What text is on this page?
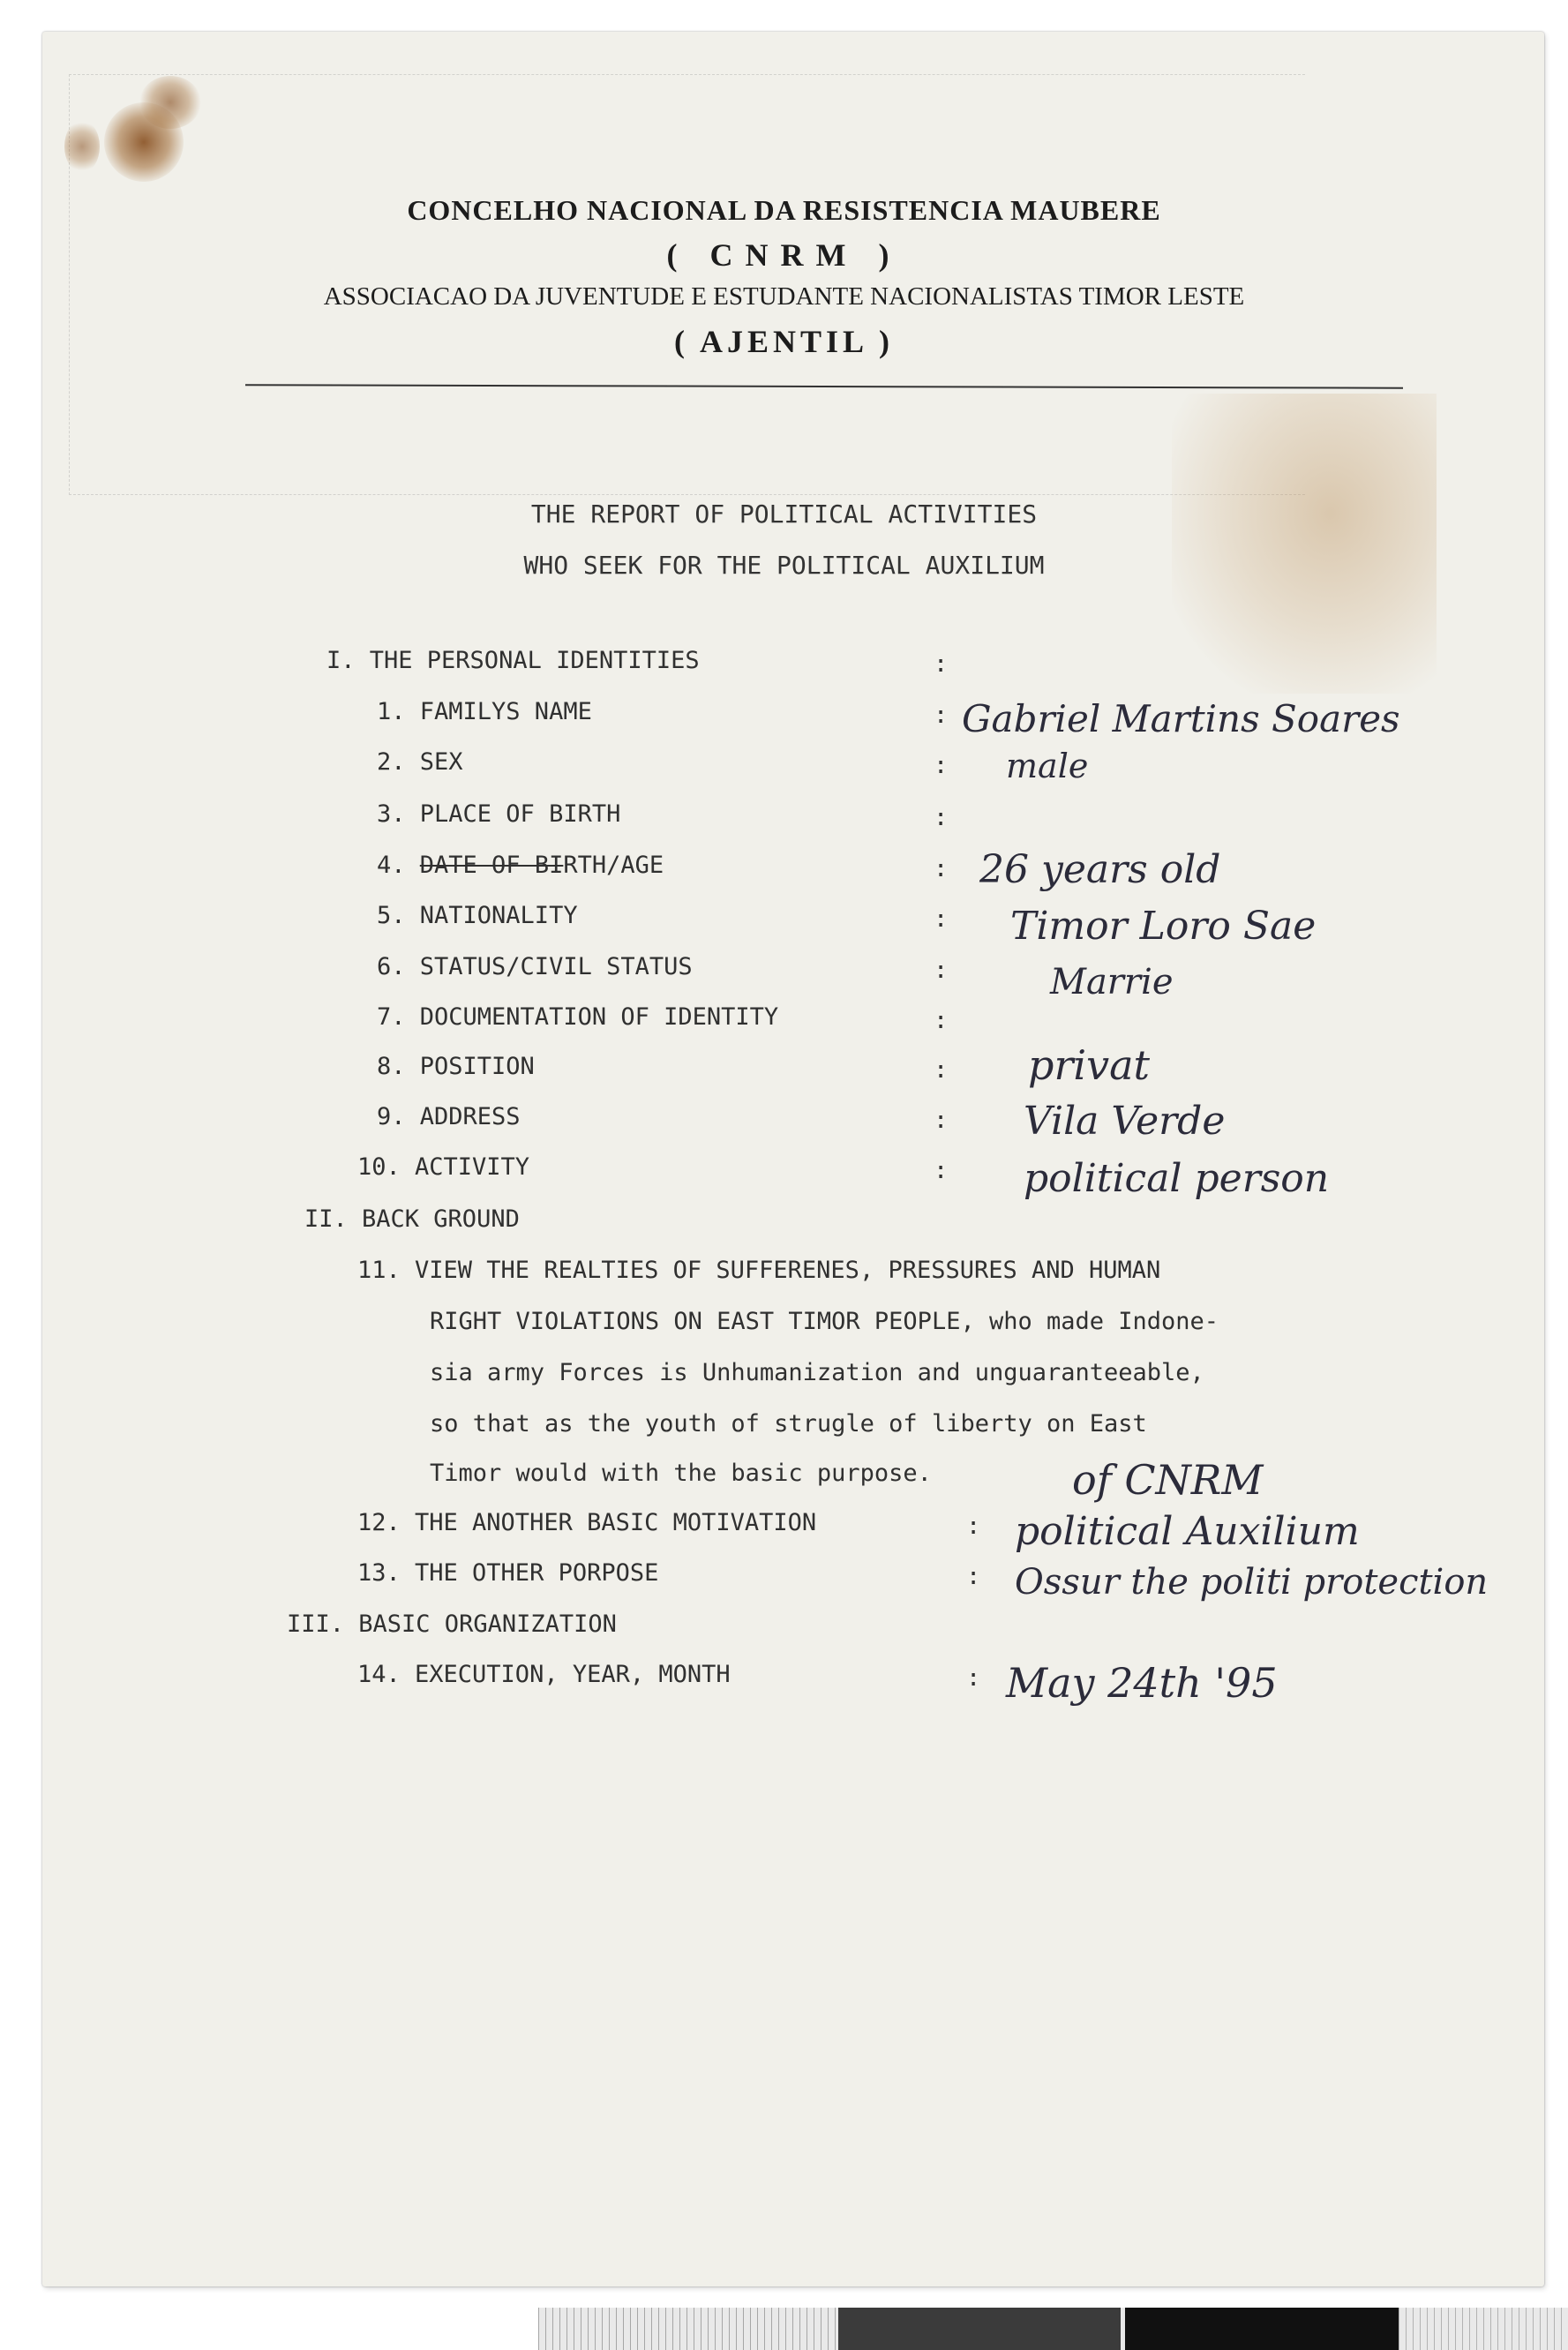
CONCELHO NACIONAL DA RESISTENCIA MAUBERE
( CNRM )
ASSOCIACAO DA JUVENTUDE E ESTUDANTE NACIONALISTAS TIMOR LESTE
( AJENTIL )
THE REPORT OF POLITICAL ACTIVITIES
WHO SEEK FOR THE POLITICAL AUXILIUM
I. THE PERSONAL IDENTITIES	:
1. FAMILYS NAME	: Gabriel Martins Soares
2. SEX	: male
3. PLACE OF BIRTH	:
4. DATE OF BIRTH/AGE	: 26 years old
5. NATIONALITY	: Timor Loro Sae
6. STATUS/CIVIL STATUS	:	Marrie
7. DOCUMENTATION OF IDENTITY	:
8. POSITION	: privat
9. ADDRESS	: Vila Verde
10. ACTIVITY	: political person
II. BACK GROUND
11. VIEW THE REALTIES OF SUFFERENES, PRESSURES AND HUMAN
RIGHT VIOLATIONS ON EAST TIMOR PEOPLE, who made Indone-
sia army Forces is Unhumanization and unguaranteeable,
so that as the youth of strugle of liberty on East
Timor would with the basic purpose.	of CNRM
12. THE ANOTHER BASIC MOTIVATION	: political Auxilium
13. THE OTHER PORPOSE	: Ossur the politi protection
III. BASIC ORGANIZATION
14. EXECUTION, YEAR, MONTH	: May 24th '95
